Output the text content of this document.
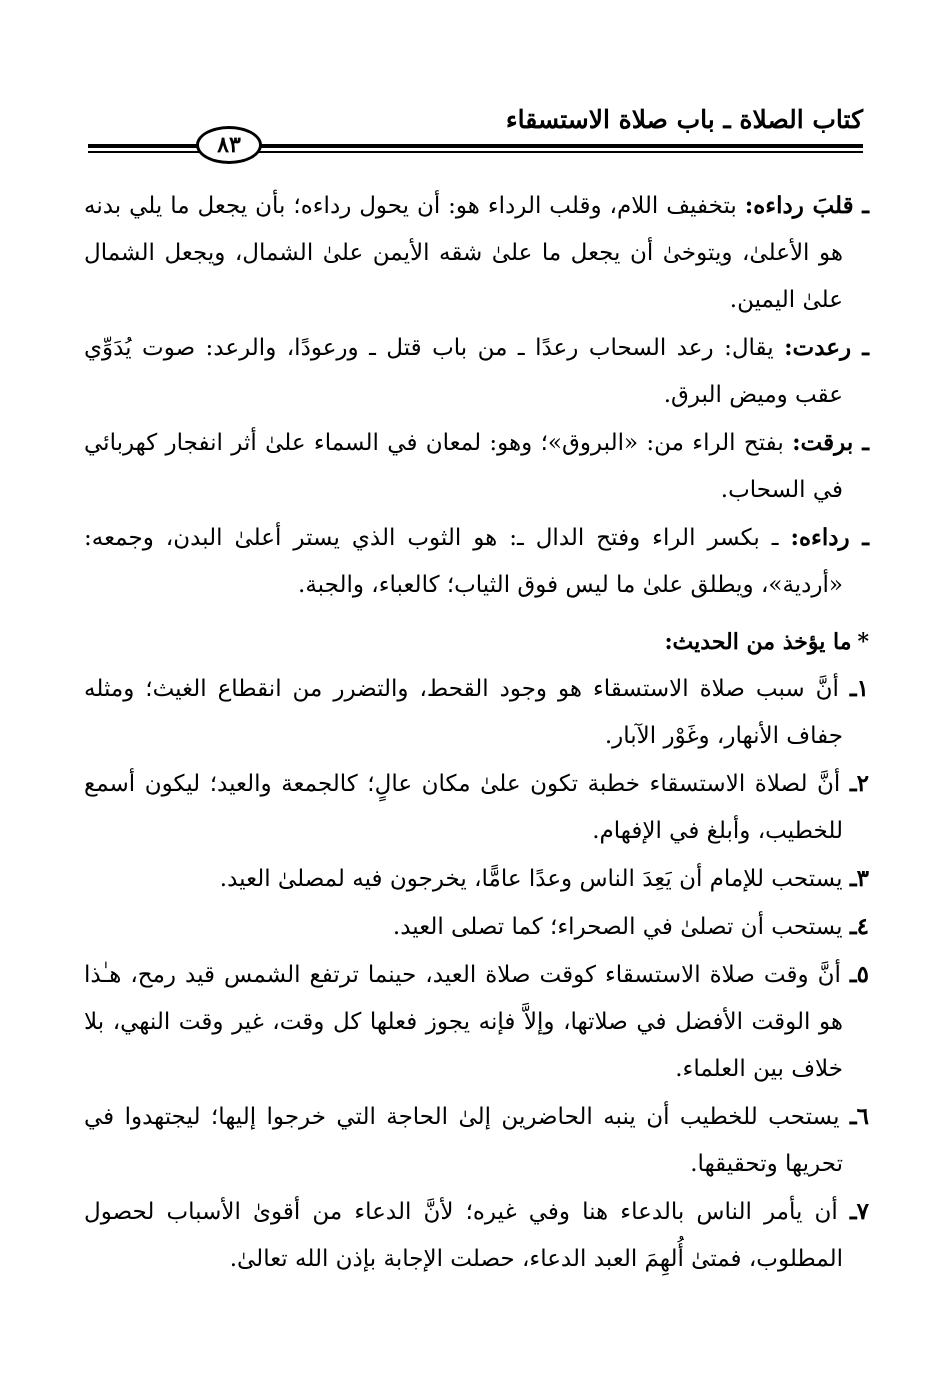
كتاب الصلاة ـ باب صلاة الاستسقاء
٨٣

ـ قلبَ رداءه: بتخفيف اللام، وقلب الرداء هو: أن يحول رداءه؛ بأن يجعل ما يلي بدنه هو الأعلىٰ، ويتوخىٰ أن يجعل ما علىٰ شقه الأيمن علىٰ الشمال، ويجعل الشمال علىٰ اليمين.

ـ رعدت: يقال: رعد السحاب رعدًا ـ من باب قتل ـ ورعودًا، والرعد: صوت يُدَوِّي عقب وميض البرق.

ـ برقت: بفتح الراء من: «البروق»؛ وهو: لمعان في السماء علىٰ أثر انفجار كهربائي في السحاب.

ـ رداءه: ـ بكسر الراء وفتح الدال ـ: هو الثوب الذي يستر أعلىٰ البدن، وجمعه: «أردية»، ويطلق علىٰ ما ليس فوق الثياب؛ كالعباء، والجبة.

*ما يؤخذ من الحديث:

١ـ أنَّ سبب صلاة الاستسقاء هو وجود القحط، والتضرر من انقطاع الغيث؛ ومثله جفاف الأنهار، وغَوْر الآبار.

٢ـ أنَّ لصلاة الاستسقاء خطبة تكون علىٰ مكان عالٍ؛ كالجمعة والعيد؛ ليكون أسمع للخطيب، وأبلغ في الإفهام.

٣ـ يستحب للإمام أن يَعِدَ الناس وعدًا عامًّا، يخرجون فيه لمصلىٰ العيد.

٤ـ يستحب أن تصلىٰ في الصحراء؛ كما تصلى العيد.

٥ـ أنَّ وقت صلاة الاستسقاء كوقت صلاة العيد، حينما ترتفع الشمس قيد رمح، هـٰذا هو الوقت الأفضل في صلاتها، وإلاَّ فإنه يجوز فعلها كل وقت، غير وقت النهي، بلا خلاف بين العلماء.

٦ـ يستحب للخطيب أن ينبه الحاضرين إلىٰ الحاجة التي خرجوا إليها؛ ليجتهدوا في تحريها وتحقيقها.

٧ـ أن يأمر الناس بالدعاء هنا وفي غيره؛ لأنَّ الدعاء من أقوىٰ الأسباب لحصول المطلوب، فمتىٰ أُلهِمَ العبد الدعاء، حصلت الإجابة بإذن الله تعالىٰ.
